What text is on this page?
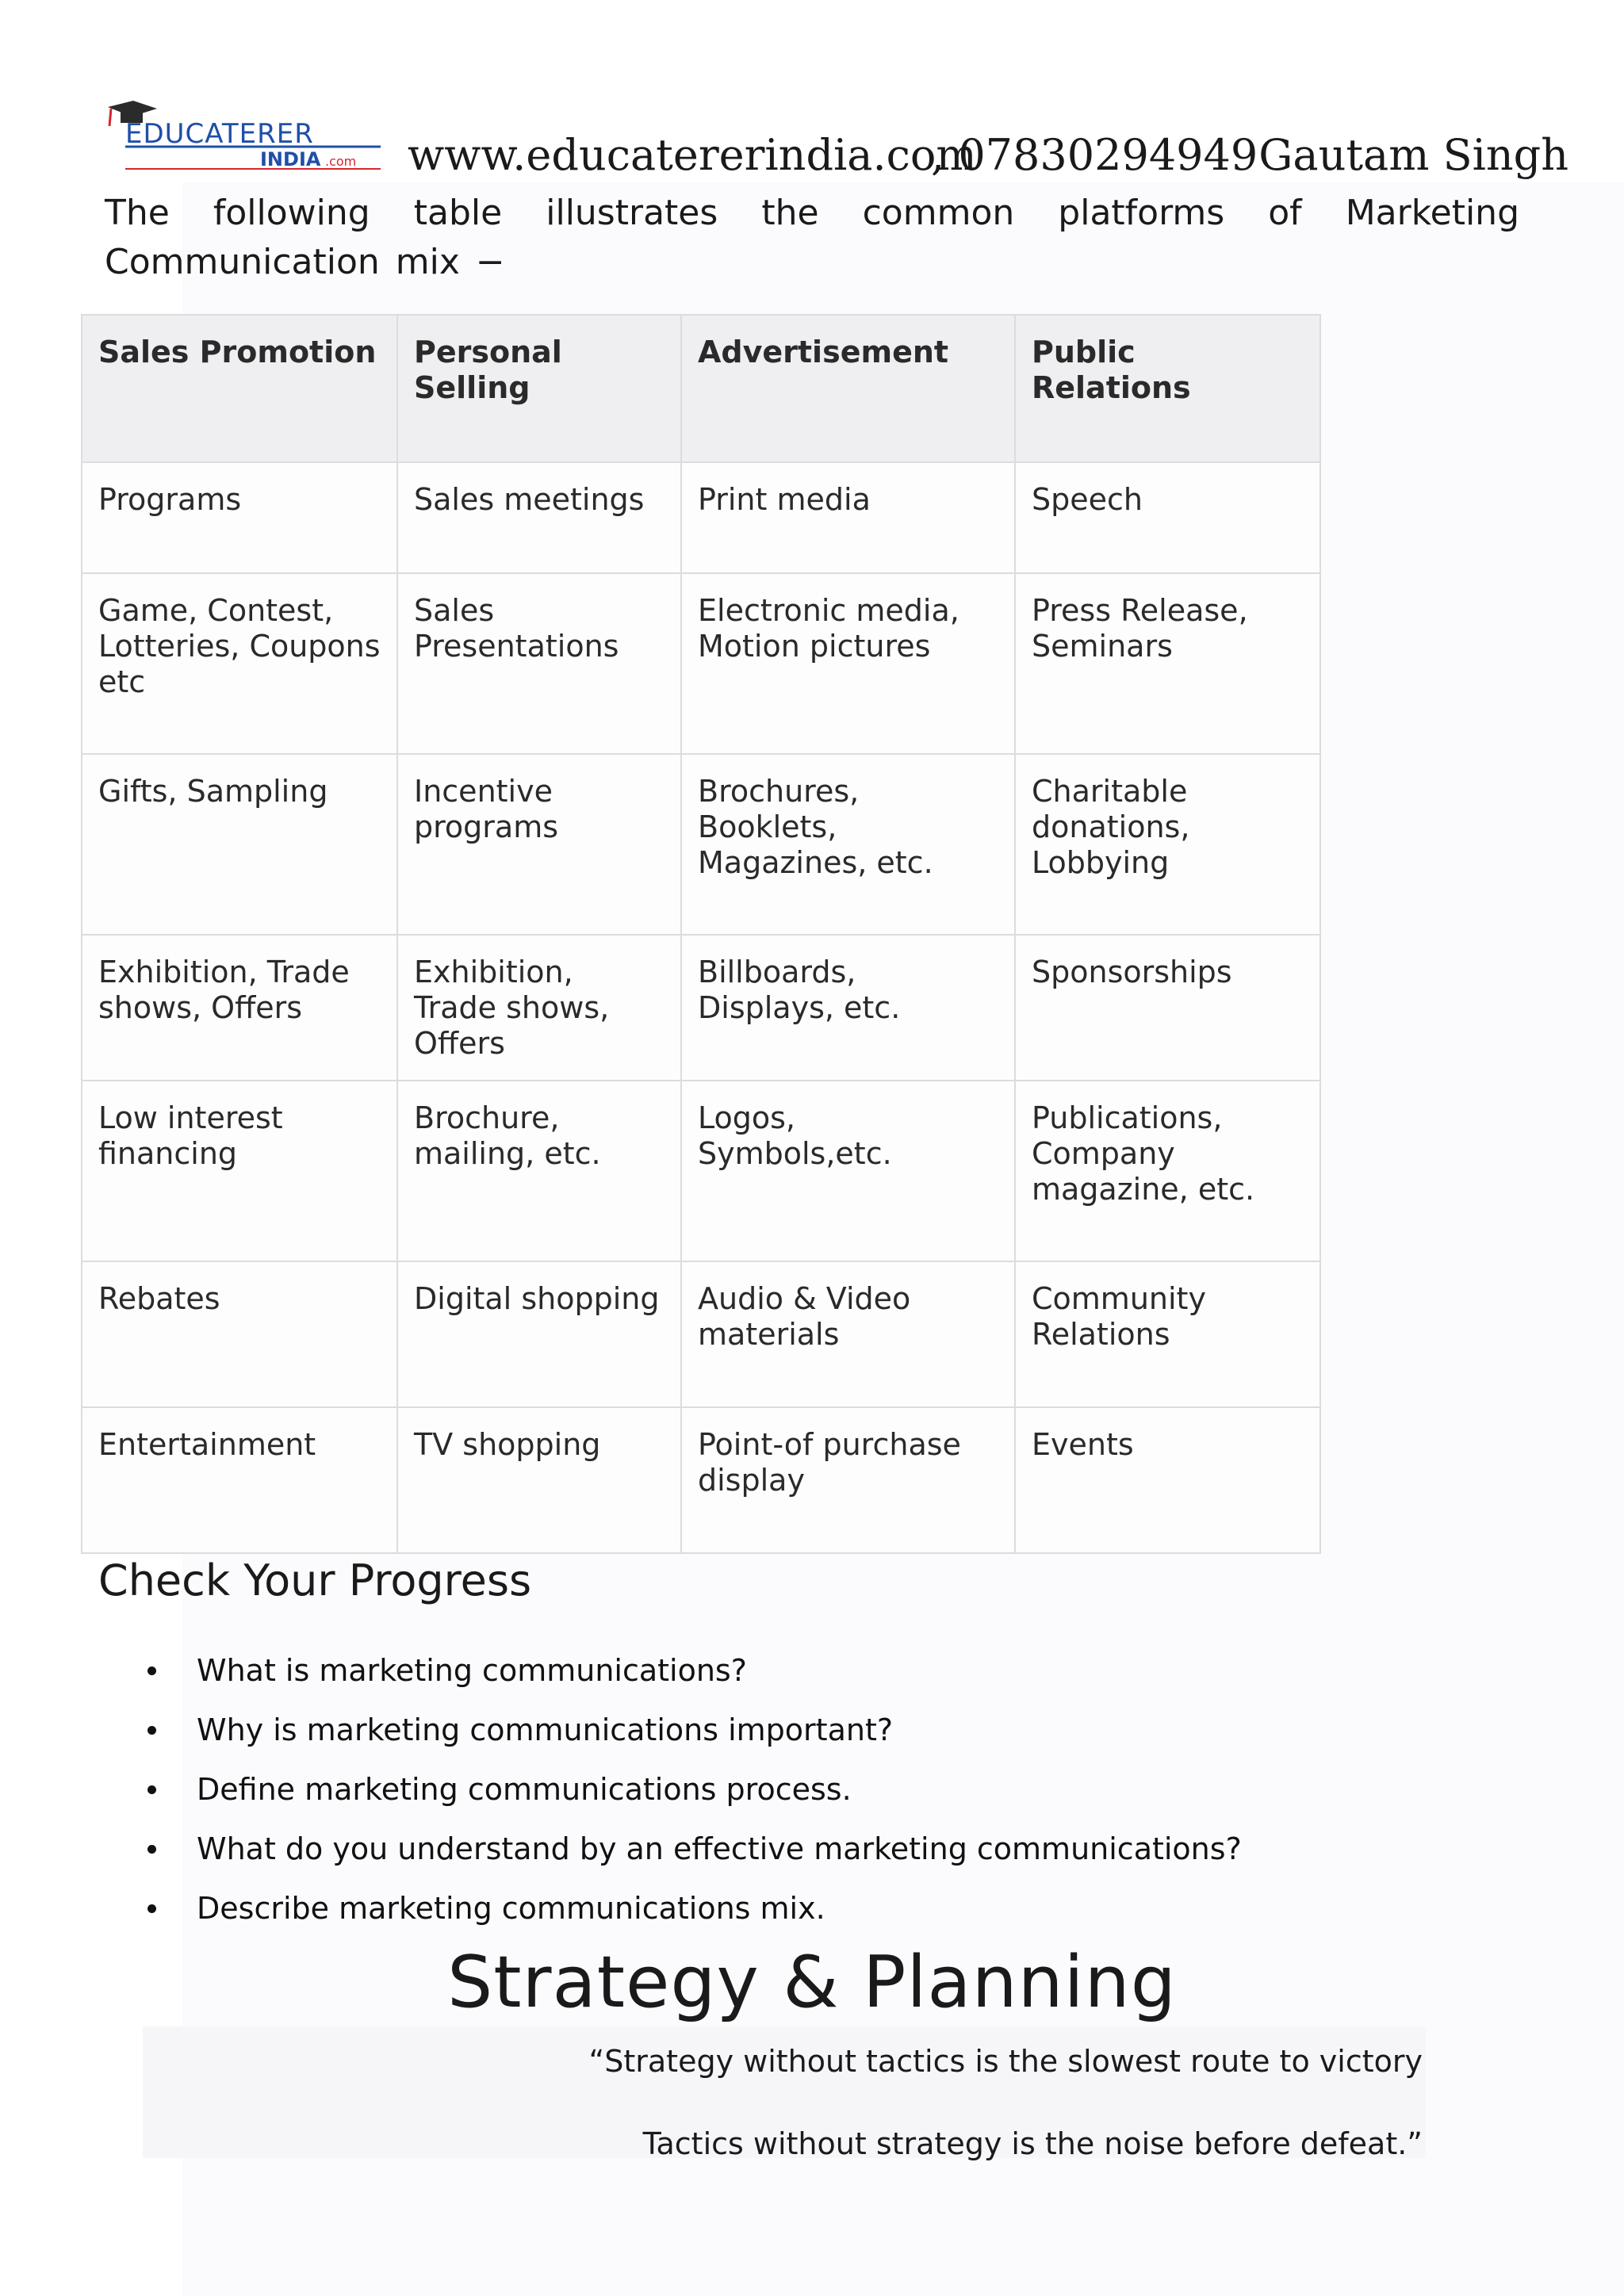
EDUCATERER
INDIA .com www.educatererindia.com
, 07830294949 Gautam Singh
The following table illustrates the common platforms of Marketing Communication mix −
Sales Promotion	Personal Selling	Advertisement	Public Relations
Programs	Sales meetings	Print media	Speech
Game, Contest, Lotteries, Coupons etc	Sales Presentations	Electronic media, Motion pictures	Press Release, Seminars
Gifts, Sampling	Incentive programs	Brochures, Booklets, Magazines, etc.	Charitable donations, Lobbying
Exhibition, Trade shows, Offers	Exhibition, Trade shows, Offers	Billboards, Displays, etc.	Sponsorships
Low interest financing	Brochure, mailing, etc.	Logos, Symbols,etc.	Publications, Company magazine, etc.
Rebates	Digital shopping	Audio & Video materials	Community Relations
Entertainment	TV shopping	Point-of purchase display	Events
Check Your Progress
What is marketing communications?
Why is marketing communications important?
Define marketing communications process.
What do you understand by an effective marketing communications?
Describe marketing communications mix.
Strategy & Planning
“Strategy without tactics is the slowest route to victory
Tactics without strategy is the noise before defeat.”
